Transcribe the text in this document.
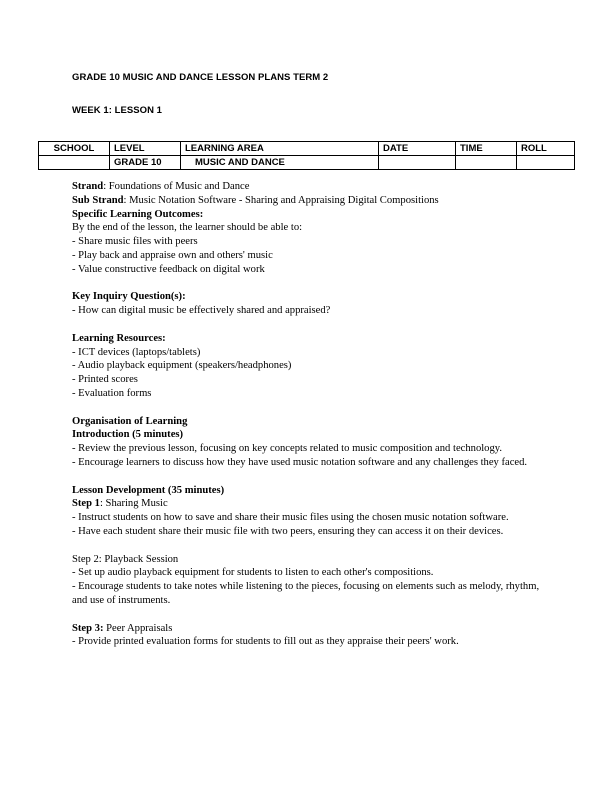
GRADE 10 MUSIC AND DANCE LESSON PLANS TERM 2
WEEK 1: LESSON 1
SCHOOL	LEVEL	LEARNING AREA	DATE	TIME	ROLL
	GRADE 10	MUSIC AND DANCE			

Strand: Foundations of Music and Dance

Sub Strand: Music Notation Software - Sharing and Appraising Digital Compositions

Specific Learning Outcomes:

By the end of the lesson, the learner should be able to:

- Share music files with peers

- Play back and appraise own and others' music

- Value constructive feedback on digital work

Key Inquiry Question(s):

- How can digital music be effectively shared and appraised?

Learning Resources:

- ICT devices (laptops/tablets)

- Audio playback equipment (speakers/headphones)

- Printed scores

- Evaluation forms

Organisation of Learning

Introduction (5 minutes)

- Review the previous lesson, focusing on key concepts related to music composition and technology.

- Encourage learners to discuss how they have used music notation software and any challenges they faced.

Lesson Development (35 minutes)

Step 1: Sharing Music

- Instruct students on how to save and share their music files using the chosen music notation software.

- Have each student share their music file with two peers, ensuring they can access it on their devices.

Step 2: Playback Session

- Set up audio playback equipment for students to listen to each other's compositions.

- Encourage students to take notes while listening to the pieces, focusing on elements such as melody, rhythm, and use of instruments.

Step 3: Peer Appraisals

- Provide printed evaluation forms for students to fill out as they appraise their peers' work.
